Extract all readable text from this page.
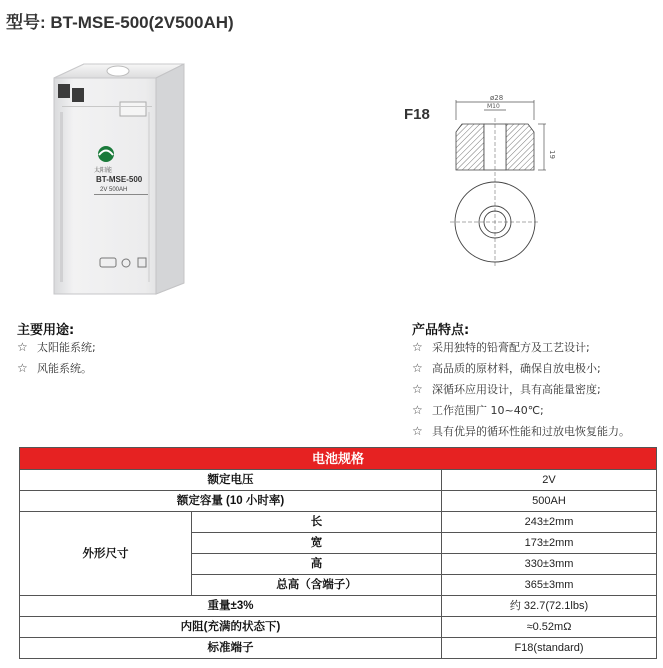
型号: BT-MSE-500(2V500AH)
太阳能
BT-MSE-500
2V 500AH
F18
ø28
M10
19
主要用途:
☆ 太阳能系统;
☆ 风能系统。
产品特点:
☆ 采用独特的铅膏配方及工艺设计;
☆ 高品质的原材料，确保自放电极小;
☆ 深循环应用设计，具有高能量密度;
☆ 工作范围广 10~40℃;
☆ 具有优异的循环性能和过放电恢复能力。
电池规格		
额定电压		2V
额定容量 (10 小时率)		500AH
外形尺寸	长	243±2mm
	宽	173±2mm
	高	330±3mm
	总高（含端子）	365±3mm
重量±3%		约 32.7(72.1lbs)
内阻(充满的状态下)		≈0.52mΩ
标准端子		F18(standard)
